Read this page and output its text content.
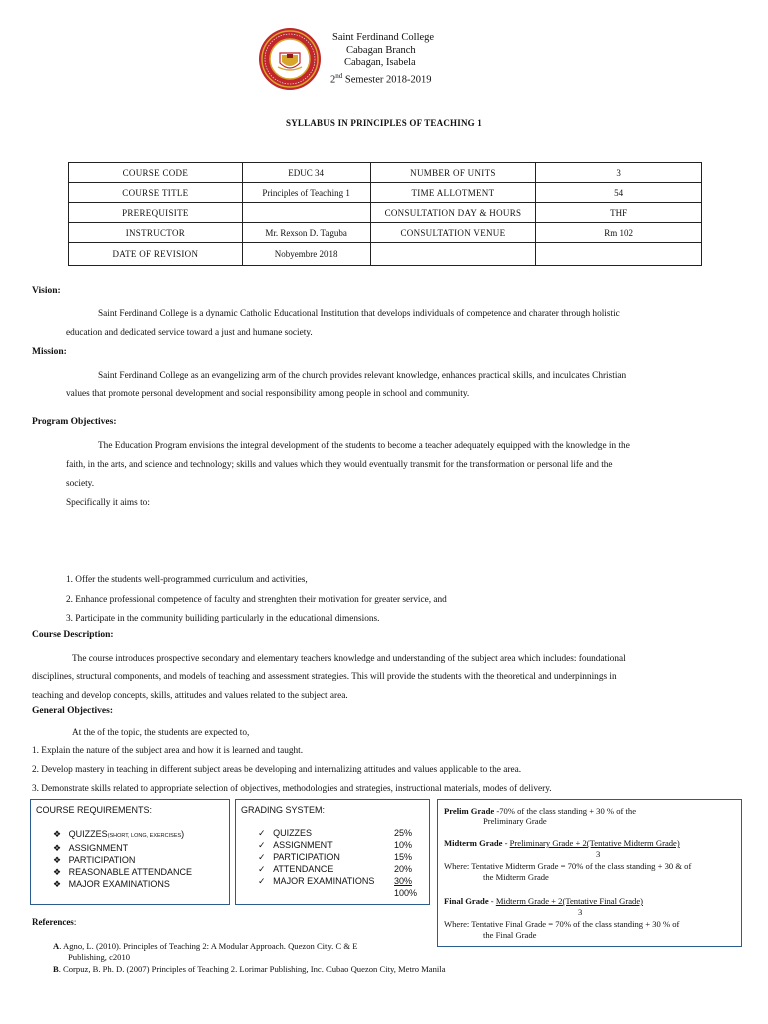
Saint Ferdinand College
Cabagan Branch
Cabagan, Isabela
2nd Semester 2018-2019
SYLLABUS IN PRINCIPLES OF TEACHING 1
COURSE CODE	EDUC 34	NUMBER OF UNITS	3
COURSE TITLE	Principles of Teaching 1	TIME ALLOTMENT	54
PREREQUISITE		CONSULTATION DAY & HOURS	THF
INSTRUCTOR	Mr. Rexson D. Taguba	CONSULTATION VENUE	Rm 102
DATE OF REVISION	Nobyembre 2018		
Vision:
Saint Ferdinand College is a dynamic Catholic Educational Institution that develops individuals of competence and charater through holistic
education and dedicated service toward a just and humane society.
Mission:
Saint Ferdinand College as an evangelizing arm of the church provides relevant knowledge, enhances practical skills, and inculcates Christian
values that promote personal development and social responsibility among people in school and community.
Program Objectives:
The Education Program envisions the integral development of the students to become a teacher adequately equipped with the knowledge in the
faith, in the arts, and science and technology; skills and values which they would eventually transmit for the transformation or personal life and the
society.
Specifically it aims to:
1. Offer the students well-programmed curriculum and activities,
2. Enhance professional competence of faculty and strenghten their motivation for greater service, and
3. Participate in the community builiding particularly in the educational dimensions.
Course Description:
The course introduces prospective secondary and elementary teachers knowledge and understanding of the subject area which includes: foundational
disciplines, structural components, and models of teaching and assessment strategies. This will provide the students with the theoretical and underpinnings in
teaching and develop concepts, skills, attitudes and values related to the subject area.
General Objectives:
At the of the topic, the students are expected to,
1. Explain the nature of the subject area and how it is learned and taught.
2. Develop mastery in teaching in different subject areas be developing and internalizing attitudes and values applicable to the area.
3. Demonstrate skills related to appropriate selection of objectives, methodologies and strategies, instructional materials, modes of delivery.
COURSE REQUIREMENTS:
❖ QUIZZES(SHORT, LONG, EXERCISES)
❖ ASSIGNMENT
❖ PARTICIPATION
❖ REASONABLE ATTENDANCE
❖ MAJOR EXAMINATIONS
GRADING SYSTEM:
✓ QUIZZES	25%
✓ ASSIGNMENT	10%
✓ PARTICIPATION	15%
✓ ATTENDANCE	20%
✓ MAJOR EXAMINATIONS 30%
100%
Prelim Grade -70% of the class standing + 30 % of the
Preliminary Grade
Midterm Grade - Preliminary Grade + 2(Tentative Midterm Grade)
3
Where: Tentative Midterm Grade = 70% of the class standing + 30 & of
the Midterm Grade
Final Grade - Midterm Grade + 2(Tentative Final Grade)
3
Where: Tentative Final Grade = 70% of the class standing + 30 % of
the Final Grade
References:
A. Agno, L. (2010). Principles of Teaching 2: A Modular Approach. Quezon City. C & E
Publishing, c2010
B. Corpuz, B. Ph. D. (2007) Principles of Teaching 2. Lorimar Publishing, Inc. Cubao Quezon City, Metro Manila
